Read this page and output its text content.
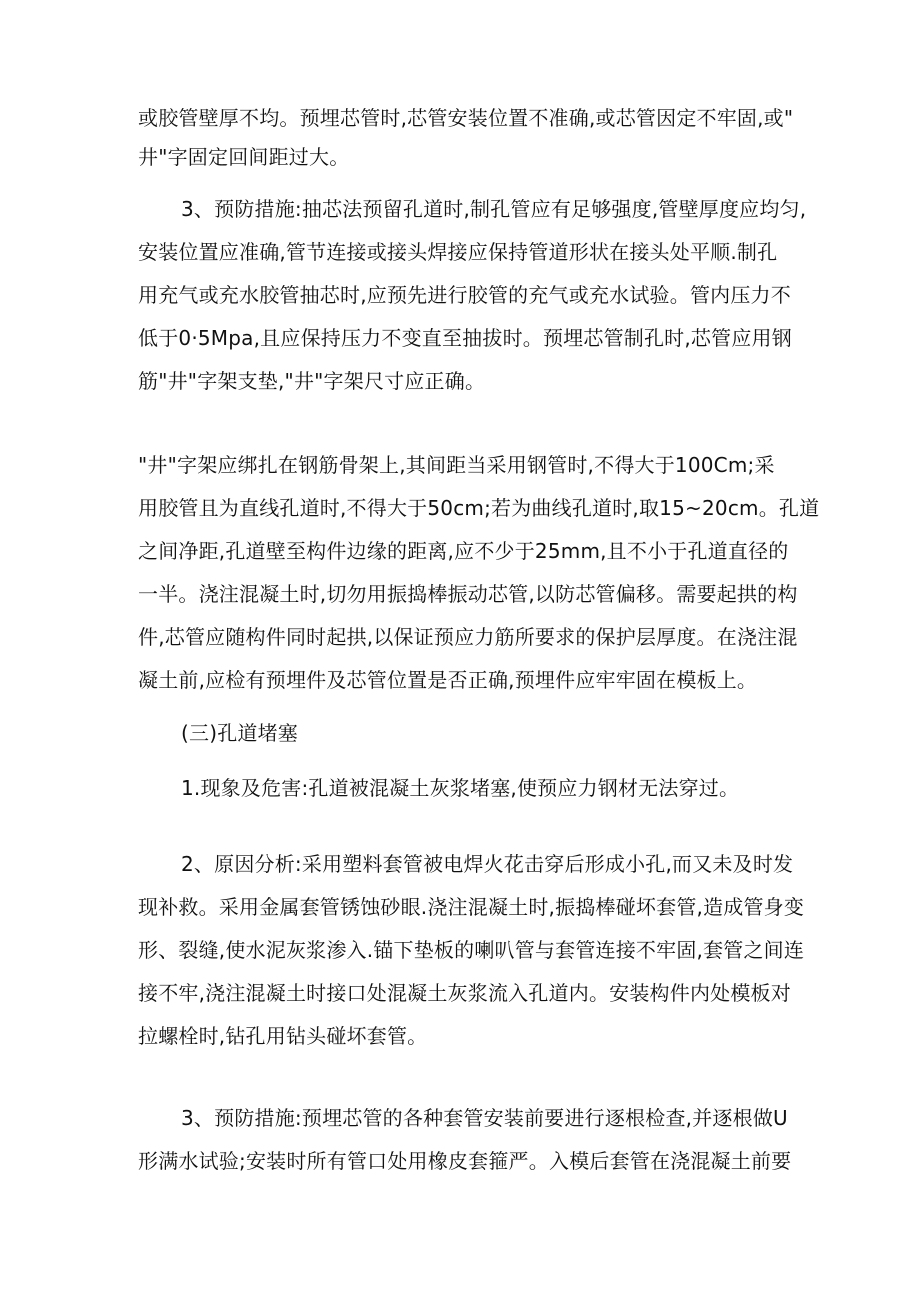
或胶管壁厚不均。预埋芯管时,芯管安装位置不准确,或芯管因定不牢固,或"
井"字固定回间距过大。
3、预防措施:抽芯法预留孔道时,制孔管应有足够强度,管壁厚度应均匀,
安装位置应准确,管节连接或接头焊接应保持管道形状在接头处平顺.制孔
用充气或充水胶管抽芯时,应预先进行胶管的充气或充水试验。管内压力不
低于0·5Mpa,且应保持压力不变直至抽拔时。预埋芯管制孔时,芯管应用钢
筋"井"字架支垫,"井"字架尺寸应正确。
"井"字架应绑扎在钢筋骨架上,其间距当采用钢管时,不得大于100Cm;采
用胶管且为直线孔道时,不得大于50cm;若为曲线孔道时,取15~20cm。孔道
之间净距,孔道壁至构件边缘的距离,应不少于25mm,且不小于孔道直径的
一半。浇注混凝土时,切勿用振捣棒振动芯管,以防芯管偏移。需要起拱的构
件,芯管应随构件同时起拱,以保证预应力筋所要求的保护层厚度。在浇注混
凝土前,应检有预埋件及芯管位置是否正确,预埋件应牢牢固在模板上。
(三)孔道堵塞
1.现象及危害:孔道被混凝土灰浆堵塞,使预应力钢材无法穿过。
2、原因分析:采用塑料套管被电焊火花击穿后形成小孔,而又未及时发
现补救。采用金属套管锈蚀砂眼.浇注混凝土时,振捣棒碰坏套管,造成管身变
形、裂缝,使水泥灰浆渗入.锚下垫板的喇叭管与套管连接不牢固,套管之间连
接不牢,浇注混凝土时接口处混凝土灰浆流入孔道内。安装构件内处模板对
拉螺栓时,钻孔用钻头碰坏套管。
3、预防措施:预埋芯管的各种套管安装前要进行逐根检查,并逐根做U
形满水试验;安装时所有管口处用橡皮套箍严。入模后套管在浇混凝土前要
